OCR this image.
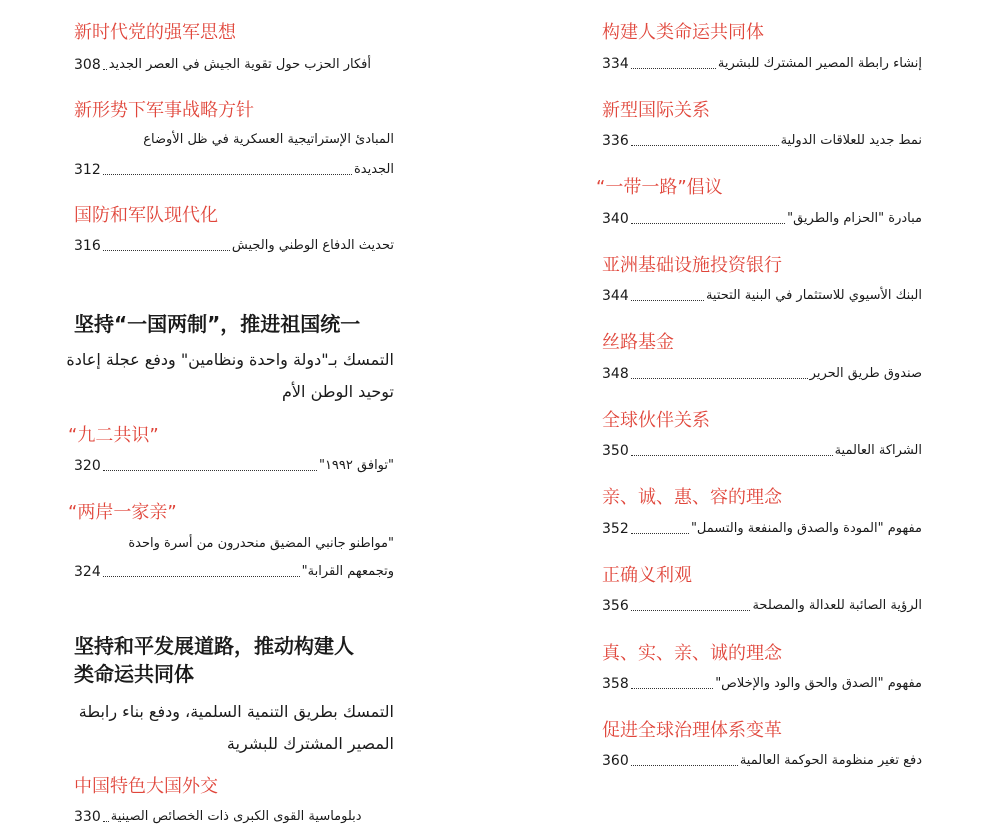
新时代党的强军思想
308 أفكار الحزب حول تقوية الجيش في العصر الجديد
新形势下军事战略方针
المبادئ الإستراتيجية العسكرية في ظل الأوضاع
312	الجديدة
国防和军队现代化
316	تحديث الدفاع الوطني والجيش
坚持“一国两制”，推进祖国统一
التمسك بـ"دولة واحدة ونظامين" ودفع عجلة إعادة
توحيد الوطن الأم
“九二共识”
320	"توافق ١٩٩٢"
“两岸一家亲”
"مواطنو جانبي المضيق منحدرون من أسرة واحدة
324	وتجمعهم القرابة"
坚持和平发展道路，推动构建人
类命运共同体
التمسك بطريق التنمية السلمية، ودفع بناء رابطة
المصير المشترك للبشرية
中国特色大国外交
330 دبلوماسية القوى الكبرى ذات الخصائص الصينية
构建人类命运共同体
334	إنشاء رابطة المصير المشترك للبشرية
新型国际关系
336	نمط جديد للعلاقات الدولية
“一带一路”倡议
340	مبادرة "الحزام والطريق"
亚洲基础设施投资银行
344	البنك الأسيوي للاستثمار في البنية التحتية
丝路基金
348	صندوق طريق الحرير
全球伙伴关系
350	الشراكة العالمية
亲、诚、惠、容的理念
352	مفهوم "المودة والصدق والمنفعة والتسمل"
正确义利观
356	الرؤية الصائبة للعدالة والمصلحة
真、实、亲、诚的理念
358	مفهوم "الصدق والحق والود والإخلاص"
促进全球治理体系变革
360	دفع تغير منظومة الحوكمة العالمية
